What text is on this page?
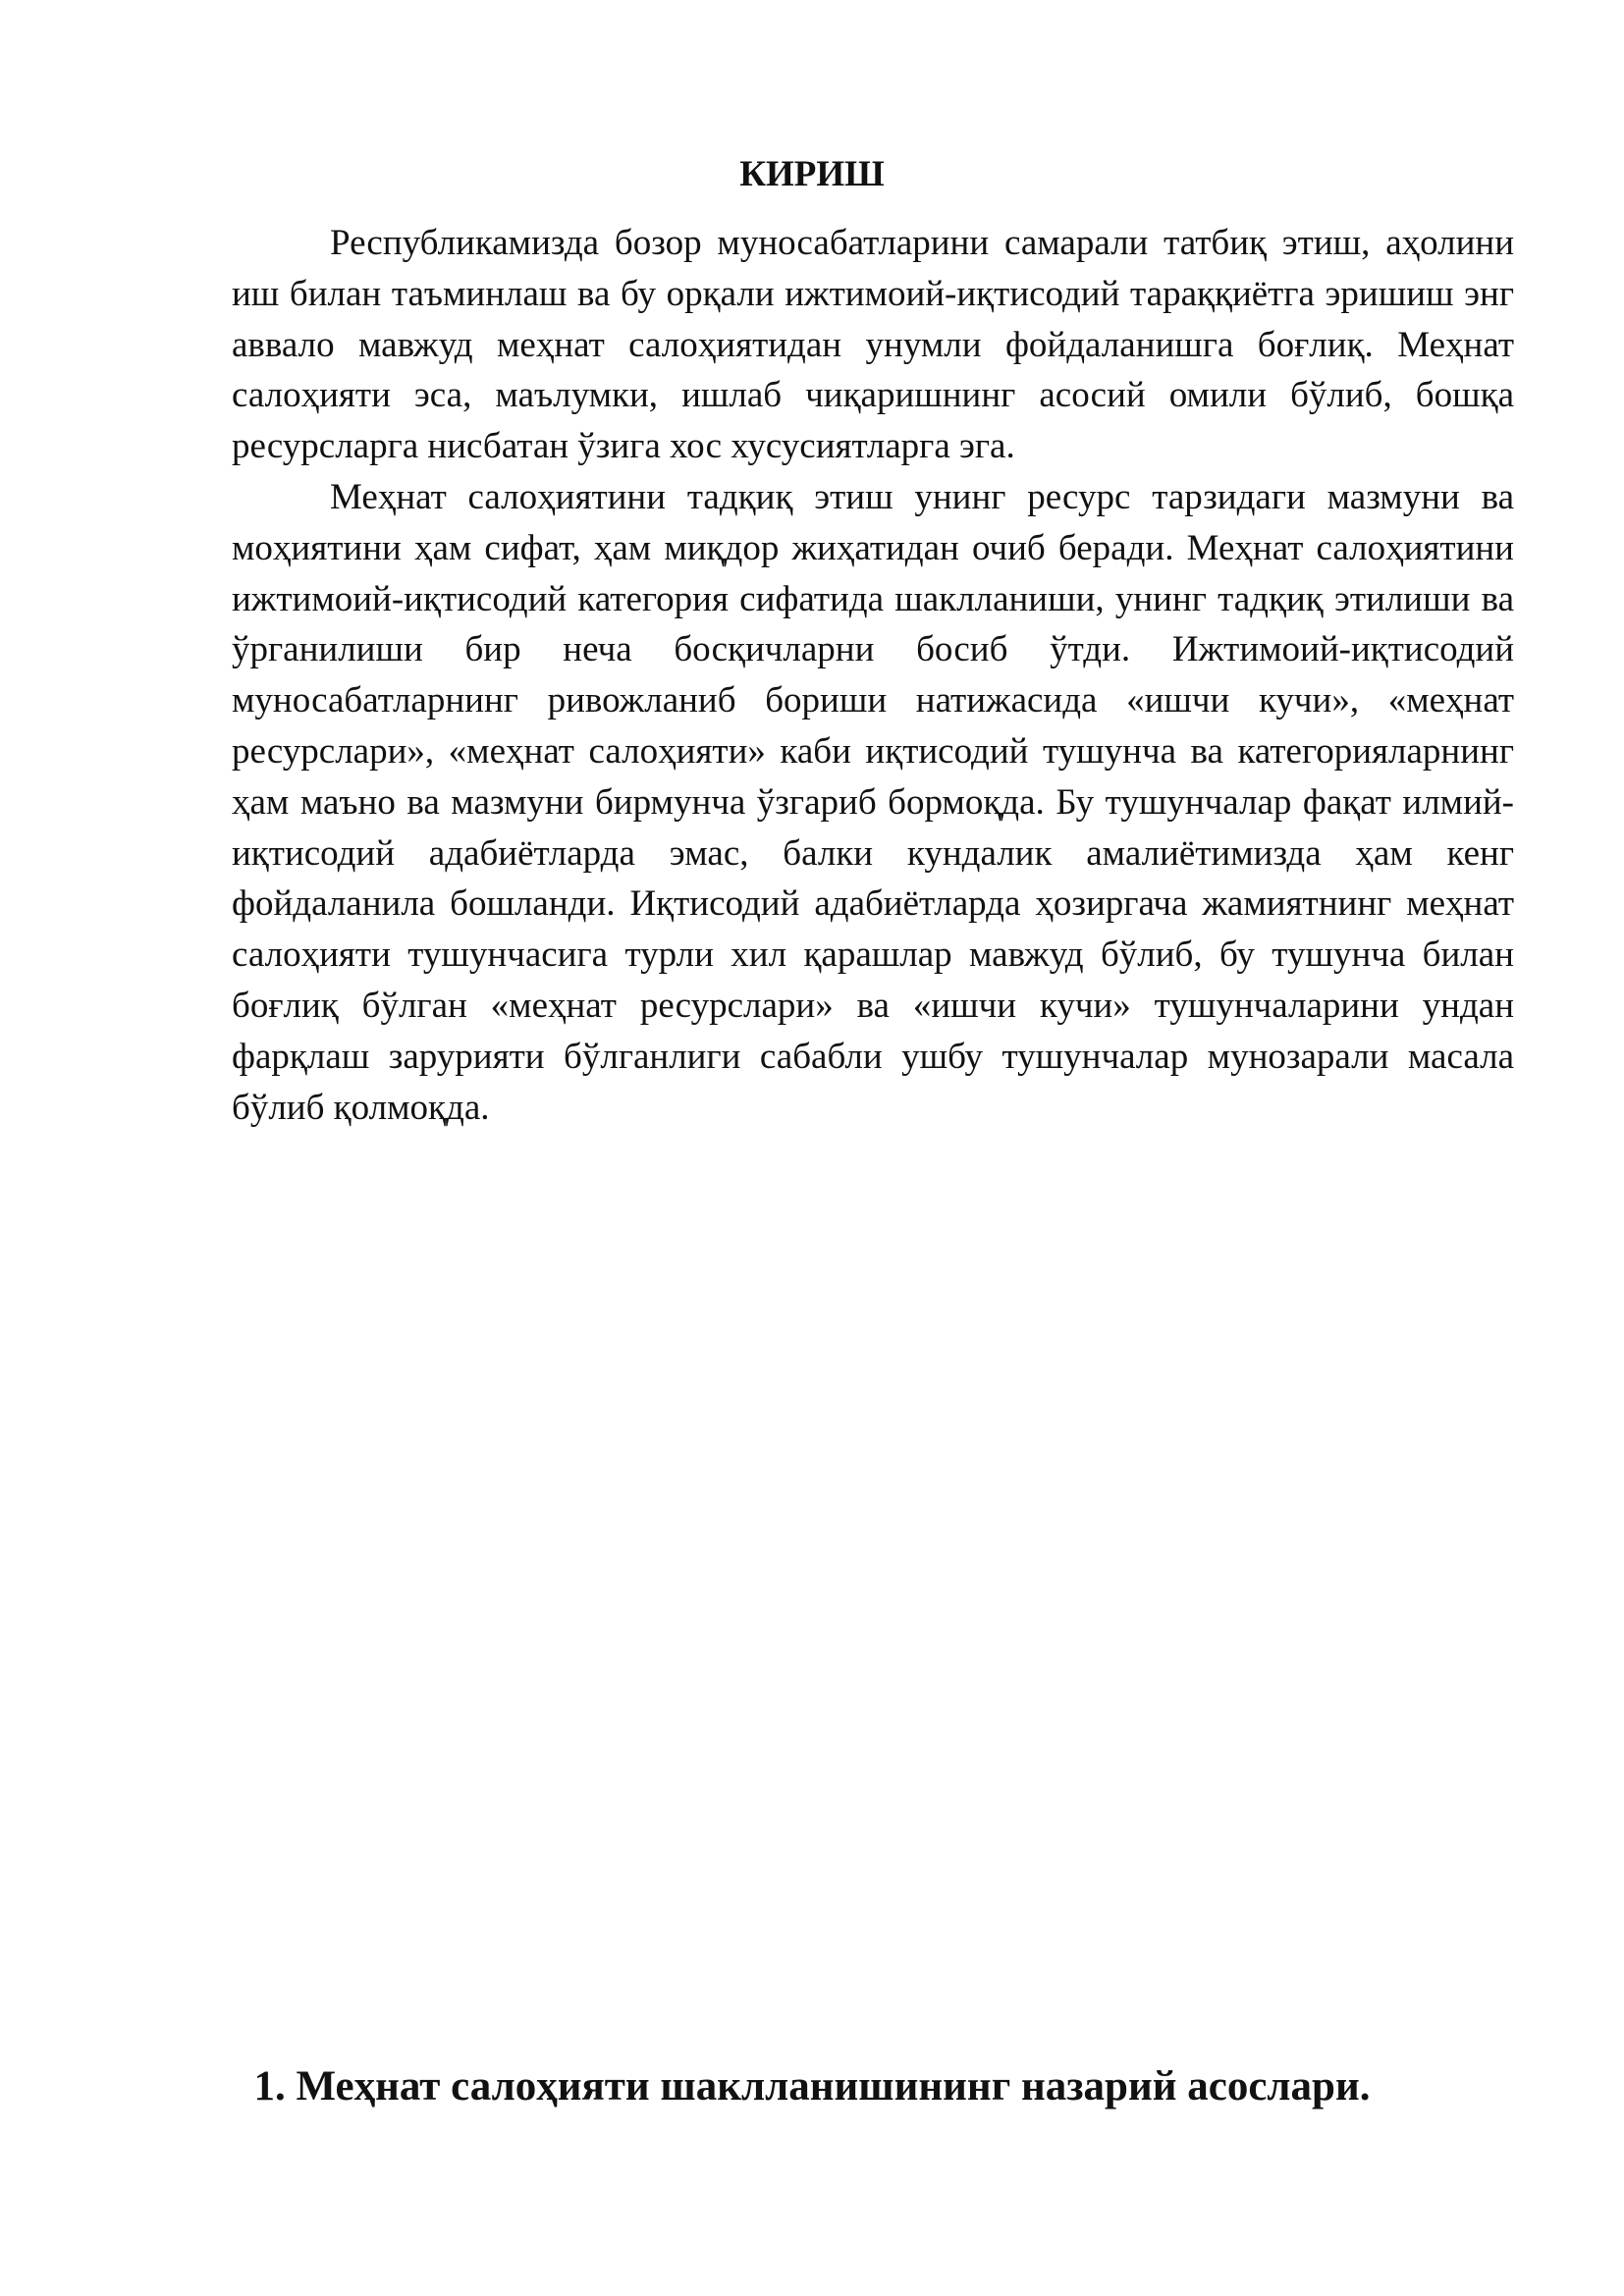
КИРИШ

Республикамизда бозор муносабатларини самарали татбиқ этиш, аҳолини иш билан таъминлаш ва бу орқали ижтимоий-иқтисодий тараққиётга эришиш энг аввало мавжуд меҳнат салоҳиятидан унумли фойдаланишга боғлиқ. Меҳнат салоҳияти эса, маълумки, ишлаб чиқаришнинг асосий омили бўлиб, бошқа ресурсларга нисбатан ўзига хос хусусиятларга эга.

Меҳнат салоҳиятини тадқиқ этиш унинг ресурс тарзидаги мазмуни ва моҳиятини ҳам сифат, ҳам миқдор жиҳатидан очиб беради. Меҳнат салоҳиятини ижтимоий-иқтисодий категория сифатида шаклланиши, унинг тадқиқ этилиши ва ўрганилиши бир неча босқичларни босиб ўтди. Ижтимоий-иқтисодий муносабатларнинг ривожланиб бориши натижасида «ишчи кучи», «меҳнат ресурслари», «меҳнат салоҳияти» каби иқтисодий тушунча ва категорияларнинг ҳам маъно ва мазмуни бирмунча ўзгариб бормоқда. Бу тушунчалар фақат илмий-иқтисодий адабиётларда эмас, балки кундалик амалиётимизда ҳам кенг фойдаланила бошланди. Иқтисодий адабиётларда ҳозиргача жамиятнинг меҳнат салоҳияти тушунчасига турли хил қарашлар мавжуд бўлиб, бу тушунча билан боғлиқ бўлган «меҳнат ресурслари» ва «ишчи кучи» тушунчаларини ундан фарқлаш зарурияти бўлганлиги сабабли ушбу тушунчалар мунозарали масала бўлиб қолмоқда.

1. Меҳнат салоҳияти шаклланишининг назарий асослари.
